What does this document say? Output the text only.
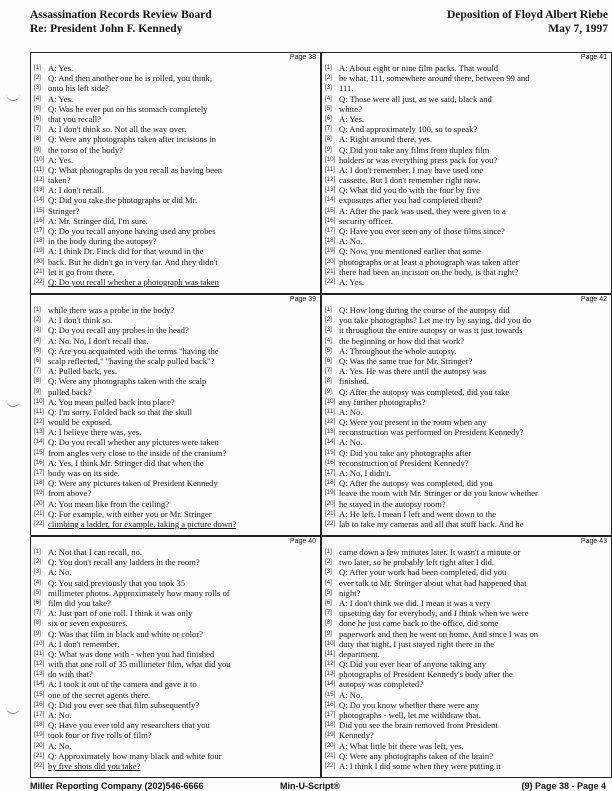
Assassination Records Review Board
Re: President John F. Kennedy
Deposition of Floyd Albert Riebe
May 7, 1997
Page 38
[1] A: Yes.
[2] Q: And then another one he is rolled, you think,
[3] onto his left side?
[4] A: Yes.
[5] Q: Was he ever put on his stomach completely
[6] that you recall?
[7] A: I don't think so. Not all the way over.
[8] Q: Were any photographs taken after incisions in
[9] the torso of the body?
[10] A: Yes.
[11] Q: What photographs do you recall as having been
[12] taken?
[13] A: I don't recall.
[14] Q: Did you take the photographs or did Mr.
[15] Stringer?
[16] A: Mr. Stringer did, I'm sure.
[17] Q: Do you recall anyone having used any probes
[18] in the body during the autopsy?
[19] A: I think Dr. Finck did for that wound in the
[20] back. But he didn't go in very far. And they didn't
[21] let it go from there.
[22] Q: Do you recall whether a photograph was taken
Page 41
[1] A: About eight or nine film packs. That would
[2] be what, 111, somewhere around there, between 99 and
[3] 111.
[4] Q: Those were all just, as we said, black and
[5] white?
[6] A: Yes.
[7] Q: And approximately 100, so to speak?
[8] A: Right around there, yes.
[9] Q: Did you take any films from duplex film
[10] holders or was everything press pack for you?
[11] A: I don't remember. I may have used one
[12] cassette. But I don't remember right now.
[13] Q: What did you do with the four by five
[14] exposures after you had completed them?
[15] A: After the pack was used, they were given to a
[16] security officer.
[17] Q: Have you ever seen any of those films since?
[18] A: No.
[19] Q: Now, you mentioned earlier that some
[20] photographs or at least a photograph was taken after
[21] there had been an incision on the body, is that right?
[22] A: Yes.
Page 39
[1] while there was a probe in the body?
[2] A: I don't think so.
[3] Q: Do you recall any probes in the head?
[4] A: No. No, I don't recall that.
[5] Q: Are you acquainted with the terms "having the
[6] scalp reflected," "having the scalp pulled back"?
[7] A: Pulled back, yes.
[8] Q: Were any photographs taken with the scalp
[9] pulled back?
[10] A: You mean pulled back into place?
[11] Q: I'm sorry. Folded back so that the skull
[12] would be exposed.
[13] A: I believe there was, yes.
[14] Q: Do you recall whether any pictures were taken
[15] from angles very close to the inside of the cranium?
[16] A: Yes, I think Mr. Stringer did that when the
[17] body was on its side.
[18] Q: Were any pictures taken of President Kennedy
[19] from above?
[20] A: You mean like from the ceiling?
[21] Q: For example, with either you or Mr. Stringer
[22] climbing a ladder, for example, taking a picture down?
Page 42
[1] Q: How long during the course of the autopsy did
[2] you take photographs? Let me try by saying, did you do
[3] it throughout the entire autopsy or was it just towards
[4] the beginning or how did that work?
[5] A: Throughout the whole autopsy.
[6] Q: Was the same true for Mr. Stringer?
[7] A: Yes. He was there until the autopsy was
[8] finished.
[9] Q: After the autopsy was completed, did you take
[10] any further photographs?
[11] A: No.
[12] Q: Were you present in the room when any
[13] reconstruction was performed on President Kennedy?
[14] A: No.
[15] Q: Did you take any photographs after
[16] reconstruction of President Kennedy?
[17] A: No, I didn't.
[18] Q: After the autopsy was completed, did you
[19] leave the room with Mr. Stringer or do you know whether
[20] he stayed in the autopsy room?
[21] A: He left. I mean I left and went down to the
[22] lab to take my cameras and all that stuff back. And he
Page 40
[1] A: Not that I can recall, no.
[2] Q: You don't recall any ladders in the room?
[3] A: No.
[4] Q: You said previously that you took 35
[5] millimeter photos. Approximately how many rolls of
[6] film did you take?
[7] A: Just part of one roll. I think it was only
[8] six or seven exposures.
[9] Q: Was that film in black and white or color?
[10] A: I don't remember.
[11] Q: What was done with - when you had finished
[12] with that one roll of 35 millimeter film, what did you
[13] do with that?
[14] A: I took it out of the camera and gave it to
[15] one of the secret agents there.
[16] Q: Did you ever see that film subsequently?
[17] A: No.
[18] Q: Have you ever told any researchers that you
[19] took four or five rolls of film?
[20] A: No.
[21] Q: Approximately how many black and white four
[22] by five shots did you take?
Page 43
[1] came down a few minutes later. It wasn't a minute or
[2] two later, so he probably left right after I did.
[3] Q: After your work had been completed, did you
[4] ever talk to Mr. Stringer about what had happened that
[5] night?
[6] A: I don't think we did. I mean it was a very
[7] upsetting day for everybody, and I think when we were
[8] done he just came back to the office, did some
[9] paperwork and then he went on home. And since I was on
[10] duty that night, I just stayed right there in the
[11] department.
[12] Q: Did you ever hear of anyone taking any
[13] photographs of President Kennedy's body after the
[14] autopsy was completed?
[15] A: No.
[16] Q: Do you know whether there were any
[17] photographs - well, let me withdraw that.
[18] Did you see the brain removed from President
[19] Kennedy?
[20] A: What little bit there was left, yes.
[21] Q: Were any photographs taken of the brain?
[22] A: I think I did some when they were putting it
Miller Reporting Company (202)546-6666	Min-U-Script®	(9) Page 38 - Page 4
